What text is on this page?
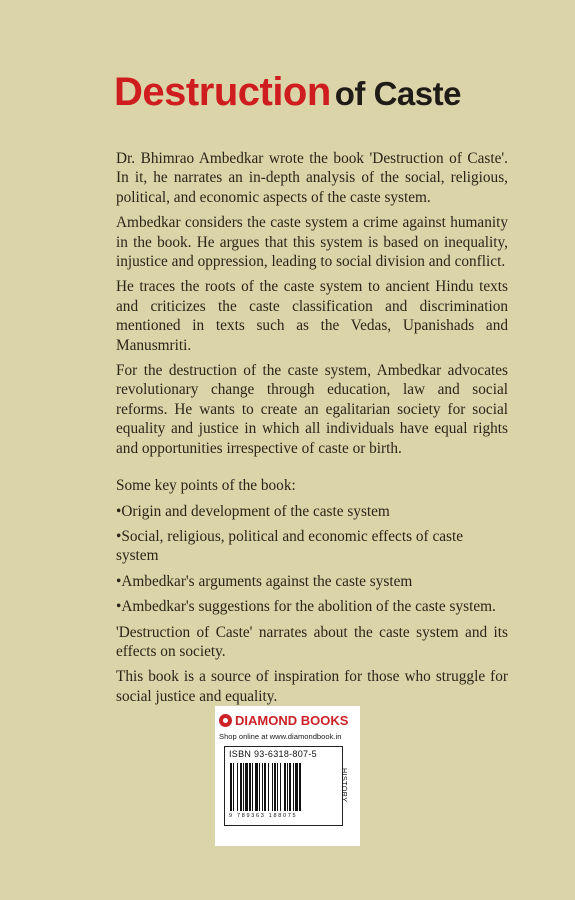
Destruction of Caste

Dr. Bhimrao Ambedkar wrote the book 'Destruction of Caste'. In it, he narrates an in-depth analysis of the social, religious, political, and economic aspects of the caste system.

Ambedkar considers the caste system a crime against humanity in the book. He argues that this system is based on inequality, injustice and oppression, leading to social division and conflict.

He traces the roots of the caste system to ancient Hindu texts and criticizes the caste classification and discrimination mentioned in texts such as the Vedas, Upanishads and Manusmriti.

For the destruction of the caste system, Ambedkar advocates revolutionary change through education, law and social reforms. He wants to create an egalitarian society for social equality and justice in which all individuals have equal rights and opportunities irrespective of caste or birth.

Some key points of the book:

• Origin and development of the caste system
• Social, religious, political and economic effects of caste system
• Ambedkar's arguments against the caste system
• Ambedkar's suggestions for the abolition of the caste system.

'Destruction of Caste' narrates about the caste system and its effects on society.

This book is a source of inspiration for those who struggle for social justice and equality.

DIAMOND BOOKS
Shop online at www.diamondbook.in
ISBN 93-6318-807-5
9 789363 188075
HISTORY
